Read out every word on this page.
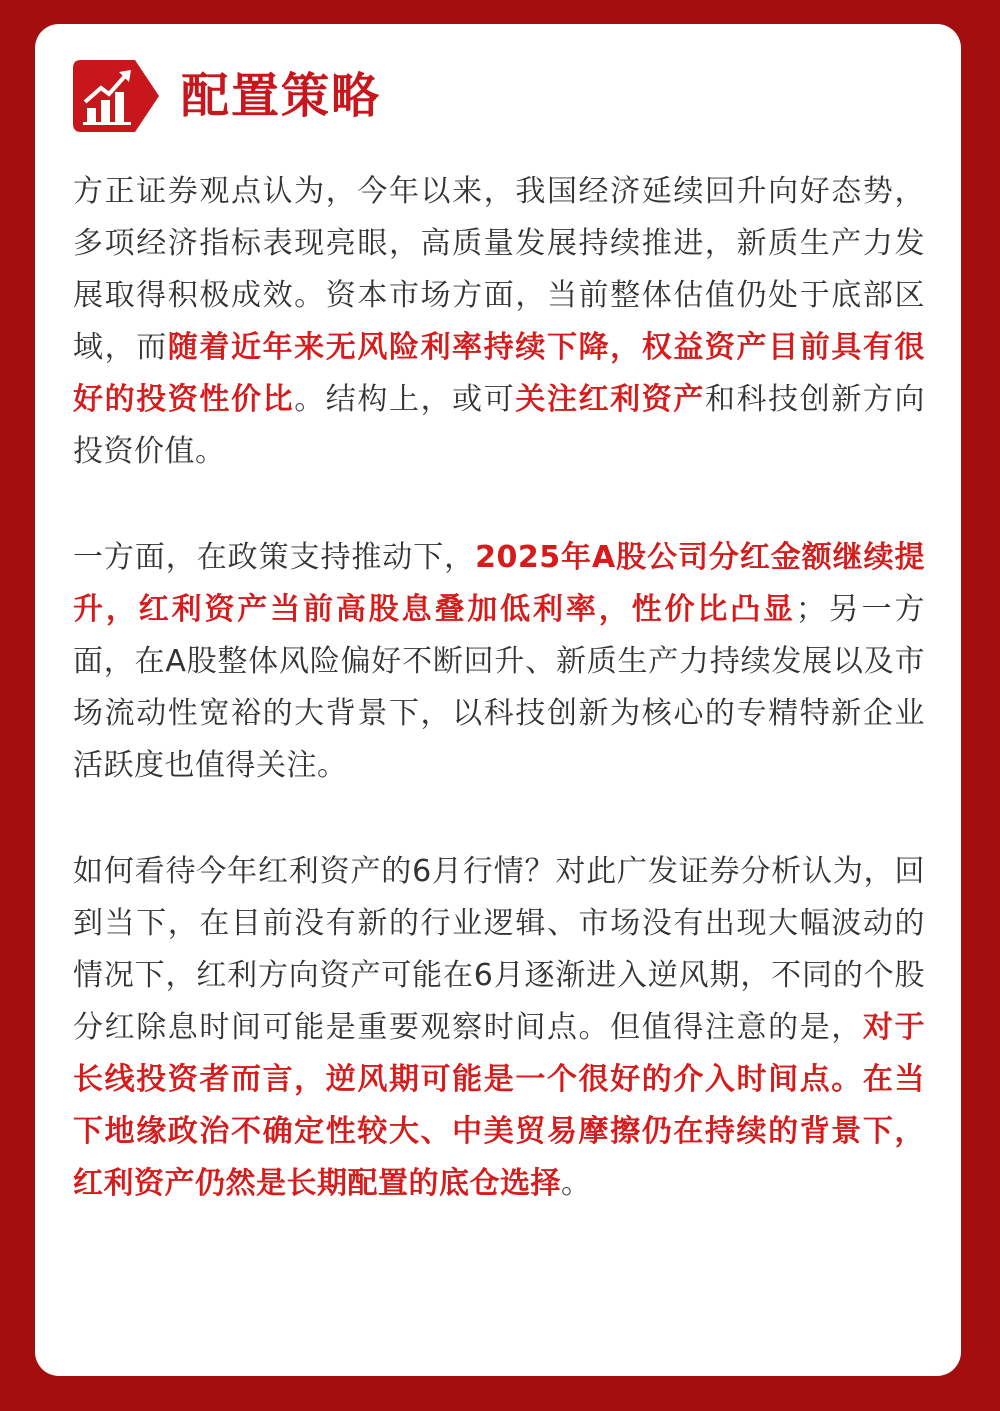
配置策略

方正证券观点认为，今年以来，我国经济延续回升向好态势，多项经济指标表现亮眼，高质量发展持续推进，新质生产力发展取得积极成效。资本市场方面，当前整体估值仍处于底部区域，而随着近年来无风险利率持续下降，权益资产目前具有很好的投资性价比。结构上，或可关注红利资产和科技创新方向投资价值。

一方面，在政策支持推动下，2025年A股公司分红金额继续提升，红利资产当前高股息叠加低利率，性价比凸显；另一方面，在A股整体风险偏好不断回升、新质生产力持续发展以及市场流动性宽裕的大背景下，以科技创新为核心的专精特新企业活跃度也值得关注。

如何看待今年红利资产的6月行情？对此广发证券分析认为，回到当下，在目前没有新的行业逻辑、市场没有出现大幅波动的情况下，红利方向资产可能在6月逐渐进入逆风期，不同的个股分红除息时间可能是重要观察时间点。但值得注意的是，对于长线投资者而言，逆风期可能是一个很好的介入时间点。在当下地缘政治不确定性较大、中美贸易摩擦仍在持续的背景下，红利资产仍然是长期配置的底仓选择。
